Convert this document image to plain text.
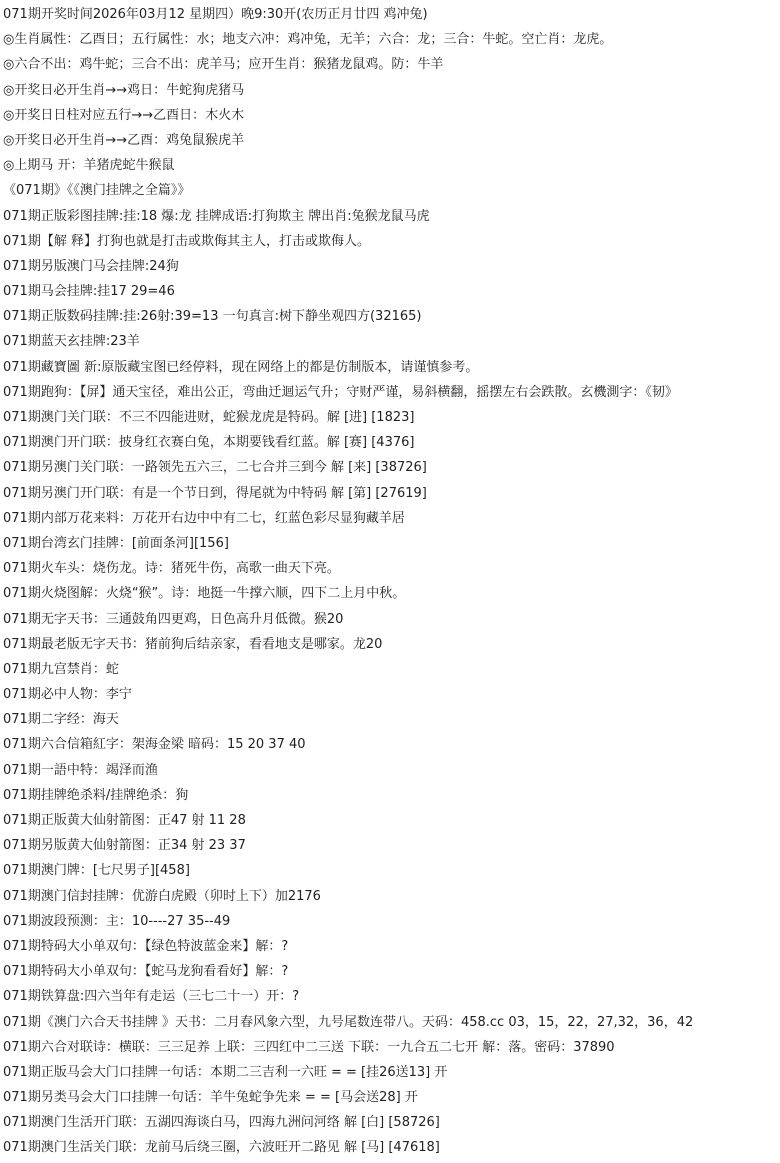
071期开奖时间2026年03月12 星期四）晚9:30开(农历正月廿四 鸡冲兔)
◎生肖属性：乙酉日；五行属性：水；地支六冲：鸡冲兔，无羊；六合：龙；三合：牛蛇。空亡肖：龙虎。
◎六合不出：鸡牛蛇；三合不出：虎羊马；应开生肖：猴猪龙鼠鸡。防：牛羊
◎开奖日必开生肖→→鸡日：牛蛇狗虎猪马
◎开奖日日柱对应五行→→乙酉日：木火木
◎开奖日必开生肖→→乙酉：鸡兔鼠猴虎羊
◎上期马 开：羊猪虎蛇牛猴鼠
《071期》《《澳门挂牌之全篇》》
071期正版彩图挂牌:挂:18 爆:龙 挂牌成语:打狗欺主 牌出肖:兔猴龙鼠马虎
071期【解 释】打狗也就是打击或欺侮其主人，打击或欺侮人。
071期另版澳门马会挂牌:24狗
071期马会挂牌:挂17 29=46
071期正版数码挂牌:挂:26射:39=13 一句真言:树下静坐观四方(32165)
071期蓝天玄挂牌:23羊
071期藏寶圖 新:原版藏宝图已经停料，现在网络上的都是仿制版本，请谨慎参考。
071期跑狗：【屏】通天宝径，难出公正，弯曲迁迴运气升；守财严谨，易斜横翻，摇摆左右会跌散。玄機測字：《韧》
071期澳门关门联：不三不四能进财，蛇猴龙虎是特码。解 [进] [1823]
071期澳门开门联：披身红衣赛白兔，本期要钱看红蓝。解 [赛] [4376]
071期另澳门关门联：一路领先五六三，二七合并三到今 解 [来] [38726]
071期另澳门开门联：有是一个节日到，得尾就为中特码 解 [第] [27619]
071期内部万花来料：万花开右边中中有二七，红蓝色彩尽显狗藏羊居
071期台湾玄门挂牌：[前面条河][156]
071期火车头：烧伤龙。诗：猪死牛伤，高歌一曲天下亮。
071期火烧图解：火烧“猴”。诗：地挺一牛撑六顺，四下二上月中秋。
071期无字天书：三通鼓角四更鸡，日色高升月低微。猴20
071期最老版无字天书：猪前狗后结亲家，看看地支是哪家。龙20
071期九宫禁肖：蛇
071期必中人物：李宁
071期二字经：海天
071期六合信箱紅字：架海金梁 暗码：15 20 37 40
071期一語中特：竭泽而渔
071期挂牌绝杀料/挂牌绝杀：狗
071期正版黄大仙射箭图：正47 射 11 28
071期另版黄大仙射箭图：正34 射 23 37
071期澳门牌：[七尺男子][458]
071期澳门信封挂牌：优游白虎殿（卯时上下）加2176
071期波段预测：主：10----27 35--49
071期特码大小单双句：【绿色特波蓝金来】解：?
071期特码大小单双句：【蛇马龙狗看看好】解：?
071期铁算盘:四六当年有走运（三七二十一）开：?
071期《澳门六合天书挂牌 》天书：二月春风象六型，九号尾数连带八。天码：458.cc 03，15，22，27,32，36，42
071期六合对联诗：横联：三三足养 上联：三四红中二三送 下联：一九合五二七开 解：落。密码：37890
071期正版马会大门口挂牌一句话：本期二三吉利一六旺 = = [挂26送13] 开
071期另类马会大门口挂牌一句话：羊牛兔蛇争先来 = = [马会送28] 开
071期澳门生活开门联：五湖四海谈白马，四海九洲问河络 解 [白] [58726]
071期澳门生活关门联：龙前马后绕三圈，六波旺开二路见 解 [马] [47618]
